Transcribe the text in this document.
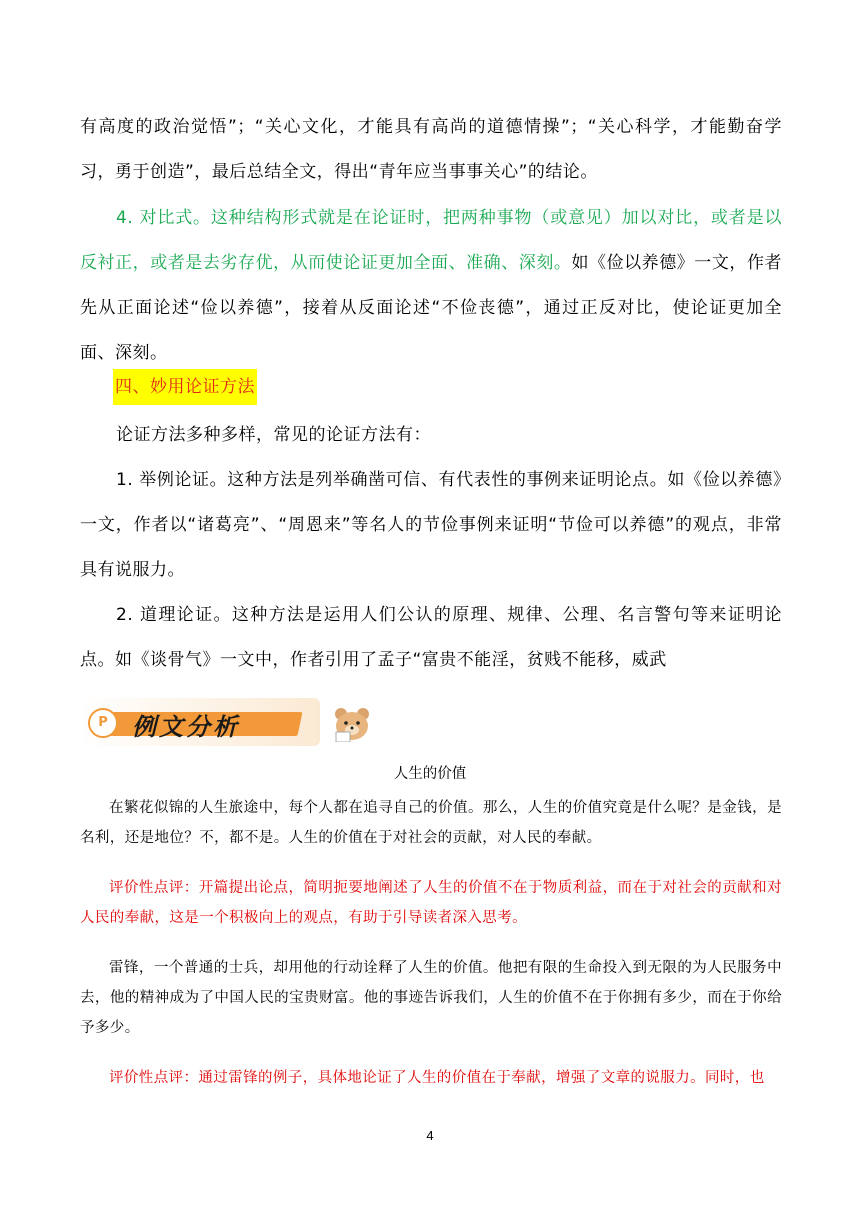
有高度的政治觉悟”；“关心文化，才能具有高尚的道德情操”；“关心科学，才能勤奋学习，勇于创造”，最后总结全文，得出“青年应当事事关心”的结论。
4. 对比式。这种结构形式就是在论证时，把两种事物（或意见）加以对比，或者是以反衬正，或者是去劣存优，从而使论证更加全面、准确、深刻。如《俭以养德》一文，作者先从正面论述“俭以养德”，接着从反面论述“不俭丧德”，通过正反对比，使论证更加全面、深刻。
四、妙用论证方法
论证方法多种多样，常见的论证方法有：
1. 举例论证。这种方法是列举确凿可信、有代表性的事例来证明论点。如《俭以养德》一文，作者以“诸葛亮”、“周恩来”等名人的节俭事例来证明“节俭可以养德”的观点，非常具有说服力。
2. 道理论证。这种方法是运用人们公认的原理、规律、公理、名言警句等来证明论点。如《谈骨气》一文中，作者引用了孟子“富贵不能淫，贫贱不能移，威武
P	例文分析
人生的价值
在繁花似锦的人生旅途中，每个人都在追寻自己的价值。那么，人生的价值究竟是什么呢？是金钱，是名利，还是地位？不，都不是。人生的价值在于对社会的贡献，对人民的奉献。
评价性点评：开篇提出论点，简明扼要地阐述了人生的价值不在于物质利益，而在于对社会的贡献和对人民的奉献，这是一个积极向上的观点，有助于引导读者深入思考。
雷锋，一个普通的士兵，却用他的行动诠释了人生的价值。他把有限的生命投入到无限的为人民服务中去，他的精神成为了中国人民的宝贵财富。他的事迹告诉我们，人生的价值不在于你拥有多少，而在于你给予多少。
评价性点评：通过雷锋的例子，具体地论证了人生的价值在于奉献，增强了文章的说服力。同时，也
4
